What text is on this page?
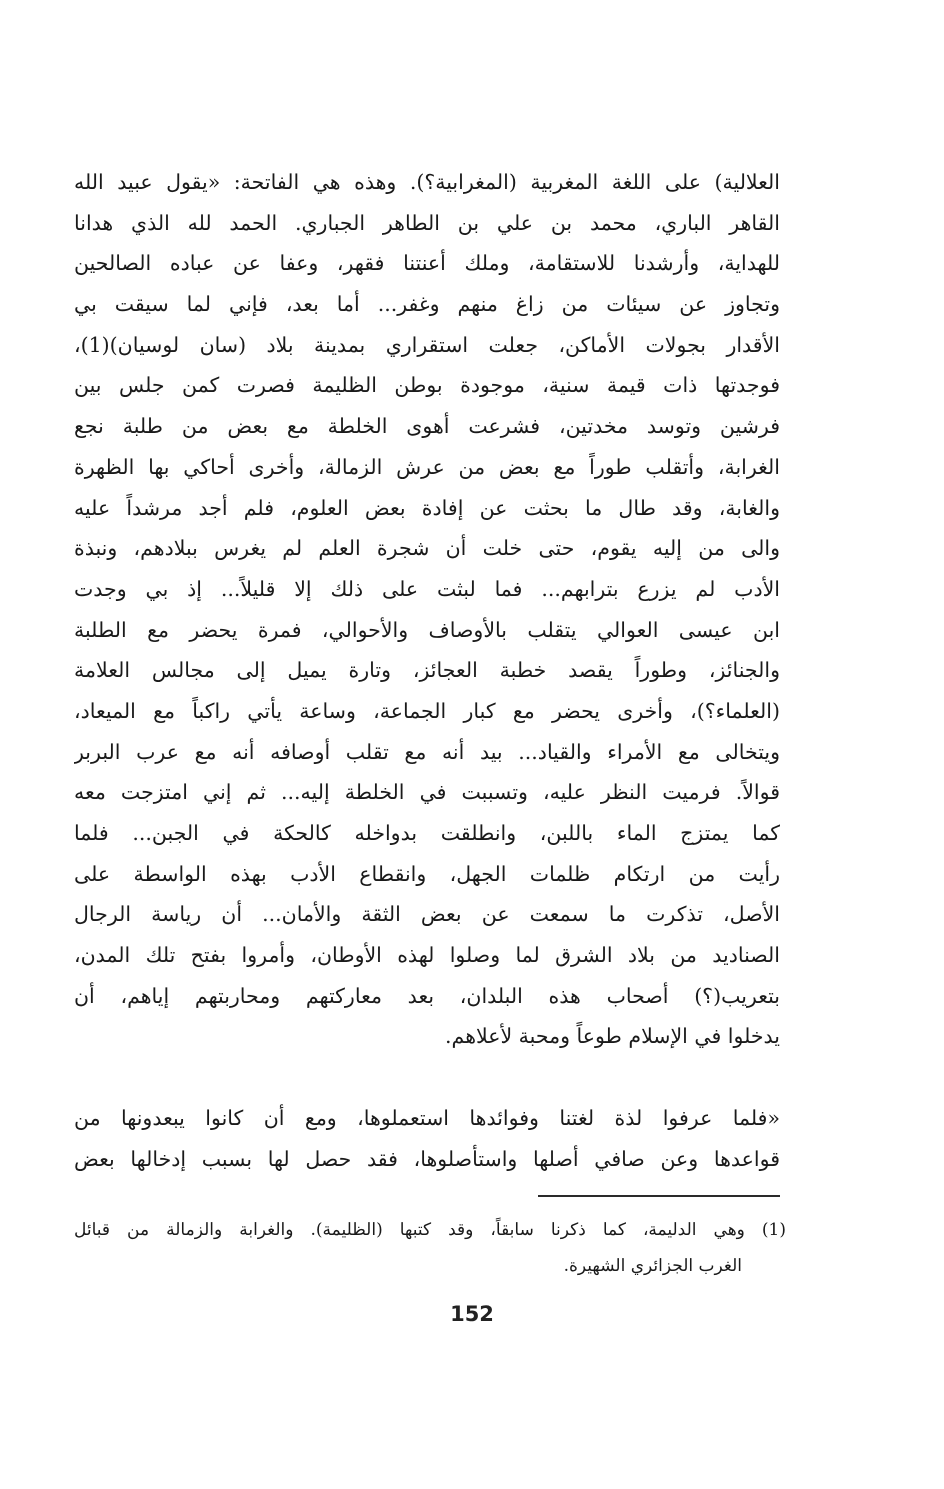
العلالية) على اللغة المغربية (المغرابية؟). وهذه هي الفاتحة: «يقول عبيد الله
القاهر الباري، محمد بن علي بن الطاهر الجباري. الحمد لله الذي هدانا
للهداية، وأرشدنا للاستقامة، وملك أعنتنا فقهر، وعفا عن عباده الصالحين
وتجاوز عن سيئات من زاغ منهم وغفر... أما بعد، فإني لما سيقت بي
الأقدار بجولات الأماكن، جعلت استقراري بمدينة بلاد (سان لوسيان)(1)،
فوجدتها ذات قيمة سنية، موجودة بوطن الظليمة فصرت كمن جلس بين
فرشين وتوسد مخدتين، فشرعت أهوى الخلطة مع بعض من طلبة نجع
الغرابة، وأتقلب طوراً مع بعض من عرش الزمالة، وأخرى أحاكي بها الظهرة
والغابة، وقد طال ما بحثت عن إفادة بعض العلوم، فلم أجد مرشداً عليه
والى من إليه يقوم، حتى خلت أن شجرة العلم لم يغرس ببلادهم، ونبذة
الأدب لم يزرع بترابهم... فما لبثت على ذلك إلا قليلاً... إذ بي وجدت
ابن عيسى العوالي يتقلب بالأوصاف والأحوالي، فمرة يحضر مع الطلبة
والجنائز، وطوراً يقصد خطبة العجائز، وتارة يميل إلى مجالس العلامة
(العلماء؟)، وأخرى يحضر مع كبار الجماعة، وساعة يأتي راكباً مع الميعاد،
ويتخالى مع الأمراء والقياد... بيد أنه مع تقلب أوصافه أنه مع عرب البربر
قوالاً. فرميت النظر عليه، وتسببت في الخلطة إليه... ثم إني امتزجت معه
كما يمتزج الماء باللبن، وانطلقت بدواخله كالحكة في الجبن... فلما
رأيت من ارتكام ظلمات الجهل، وانقطاع الأدب بهذه الواسطة على
الأصل، تذكرت ما سمعت عن بعض الثقة والأمان... أن رياسة الرجال
الصناديد من بلاد الشرق لما وصلوا لهذه الأوطان، وأمروا بفتح تلك المدن،
بتعريب(؟) أصحاب هذه البلدان، بعد معاركتهم ومحاربتهم إياهم، أن
يدخلوا في الإسلام طوعاً ومحبة لأعلاهم.
«فلما عرفوا لذة لغتنا وفوائدها استعملوها، ومع أن كانوا يبعدونها من
قواعدها وعن صافي أصلها واستأصلوها، فقد حصل لها بسبب إدخالها بعض
(1) وهي الدليمة، كما ذكرنا سابقاً، وقد كتبها (الظليمة). والغرابة والزمالة من قبائل
الغرب الجزائري الشهيرة.
152
